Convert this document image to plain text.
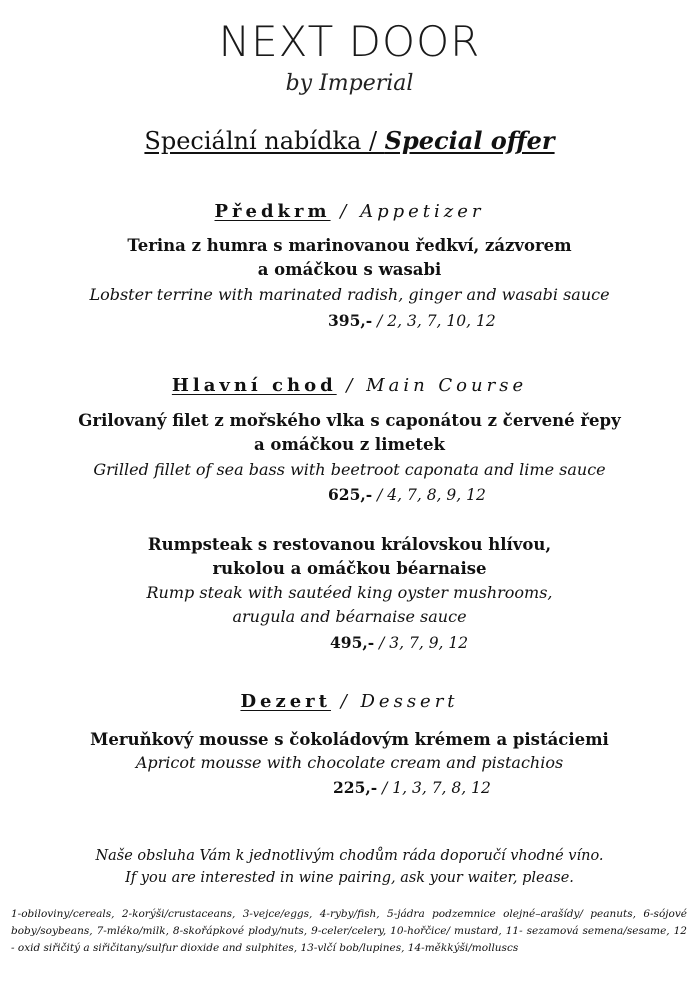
NEXT DOOR
by Imperial
Speciální nabídka / Special offer
Předkrm / Appetizer
Terina z humra s marinovanou ředkví, zázvorem
a omáčkou s wasabi
Lobster terrine with marinated radish, ginger and wasabi sauce
395,- / 2, 3, 7, 10, 12
Hlavní chod / Main Course
Grilovaný filet z mořského vlka s caponátou z červené řepy
a omáčkou z limetek
Grilled fillet of sea bass with beetroot caponata and lime sauce
625,- / 4, 7, 8, 9, 12
Rumpsteak s restovanou královskou hlívou,
rukolou a omáčkou béarnaise
Rump steak with sautéed king oyster mushrooms,
arugula and béarnaise sauce
495,- / 3, 7, 9, 12
Dezert / Dessert
Meruňkový mousse s čokoládovým krémem a pistáciemi
Apricot mousse with chocolate cream and pistachios
225,- / 1, 3, 7, 8, 12
Naše obsluha Vám k jednotlivým chodům ráda doporučí vhodné víno.
If you are interested in wine pairing, ask your waiter, please.
1-obiloviny/cereals, 2-korýši/crustaceans, 3-vejce/eggs, 4-ryby/fish, 5-jádra podzemnice olejné–arašídy/ peanuts, 6-sójové boby/soybeans, 7-mléko/milk, 8-skořápkové plody/nuts, 9-celer/celery, 10-hořčice/ mustard, 11- sezamová semena/sesame, 12 - oxid siřičitý a siřičitany/sulfur dioxide and sulphites, 13-vlčí bob/lupines, 14-měkkýši/molluscs
